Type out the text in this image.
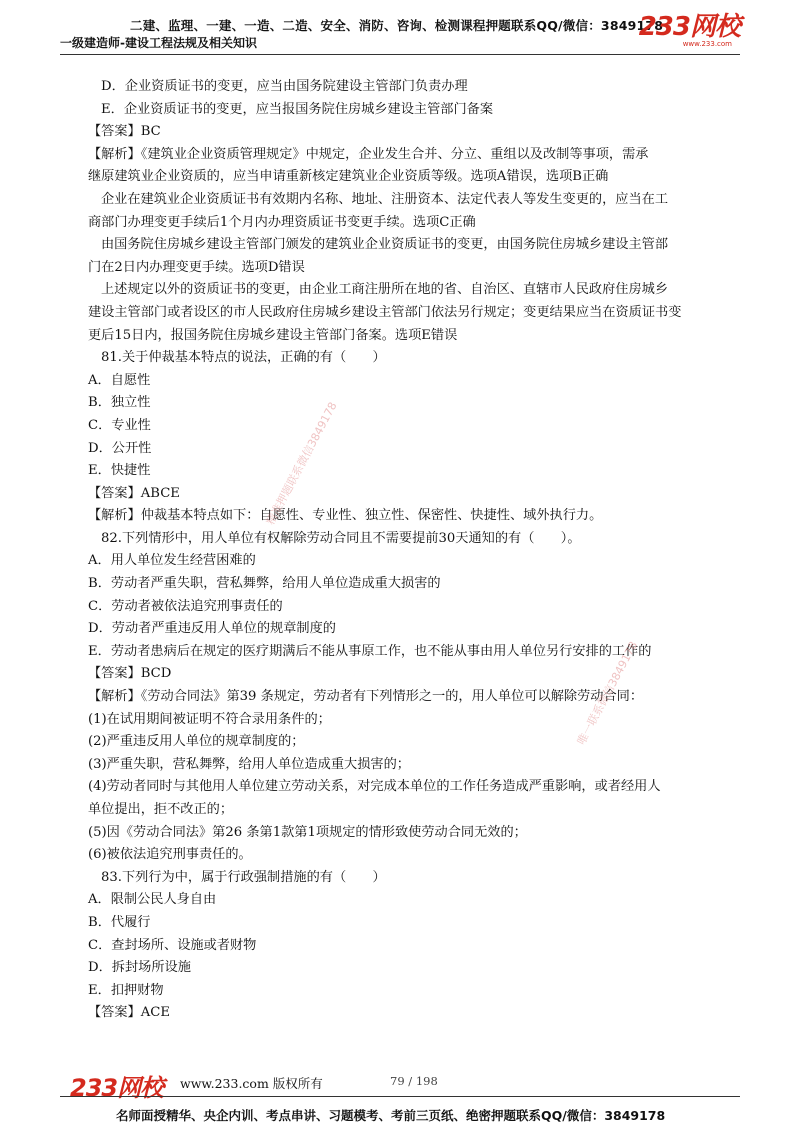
二建、监理、一建、一造、二造、安全、消防、咨询、检测课程押题联系QQ/微信：3849178
一级建造师-建设工程法规及相关知识
233网校
www.233.com
D．企业资质证书的变更，应当由国务院建设主管部门负责办理
E．企业资质证书的变更，应当报国务院住房城乡建设主管部门备案
【答案】BC
【解析】《建筑业企业资质管理规定》中规定，企业发生合并、分立、重组以及改制等事项，需承
继原建筑业企业资质的，应当申请重新核定建筑业企业资质等级。选项A错误，选项B正确
企业在建筑业企业资质证书有效期内名称、地址、注册资本、法定代表人等发生变更的，应当在工
商部门办理变更手续后1个月内办理资质证书变更手续。选项C正确
由国务院住房城乡建设主管部门颁发的建筑业企业资质证书的变更，由国务院住房城乡建设主管部
门在2日内办理变更手续。选项D错误
上述规定以外的资质证书的变更，由企业工商注册所在地的省、自治区、直辖市人民政府住房城乡
建设主管部门或者设区的市人民政府住房城乡建设主管部门依法另行规定；变更结果应当在资质证书变
更后15日内，报国务院住房城乡建设主管部门备案。选项E错误
81.关于仲裁基本特点的说法，正确的有（　　）
A．自愿性
B．独立性
C．专业性
D．公开性
E．快捷性
【答案】ABCE
【解析】仲裁基本特点如下：自愿性、专业性、独立性、保密性、快捷性、域外执行力。
82.下列情形中，用人单位有权解除劳动合同且不需要提前30天通知的有（　　）。
A．用人单位发生经营困难的
B．劳动者严重失职，营私舞弊，给用人单位造成重大损害的
C．劳动者被依法追究刑事责任的
D．劳动者严重违反用人单位的规章制度的
E．劳动者患病后在规定的医疗期满后不能从事原工作，也不能从事由用人单位另行安排的工作的
【答案】BCD
【解析】《劳动合同法》第39 条规定，劳动者有下列情形之一的，用人单位可以解除劳动合同：
(1)在试用期间被证明不符合录用条件的；
(2)严重违反用人单位的规章制度的；
(3)严重失职，营私舞弊，给用人单位造成重大损害的；
(4)劳动者同时与其他用人单位建立劳动关系，对完成本单位的工作任务造成严重影响，或者经用人
单位提出，拒不改正的；
(5)因《劳动合同法》第26 条第1款第1项规定的情形致使劳动合同无效的；
(6)被依法追究刑事责任的。
83.下列行为中，属于行政强制措施的有（　　）
A．限制公民人身自由
B．代履行
C．查封场所、设施或者财物
D．拆封场所设施
E．扣押财物
【答案】ACE
精准押题联系微信3849178
唯一联系微信3849178
233网校 www.233.com 版权所有	79 / 198
名师面授精华、央企内训、考点串讲、习题模考、考前三页纸、绝密押题联系QQ/微信：3849178
